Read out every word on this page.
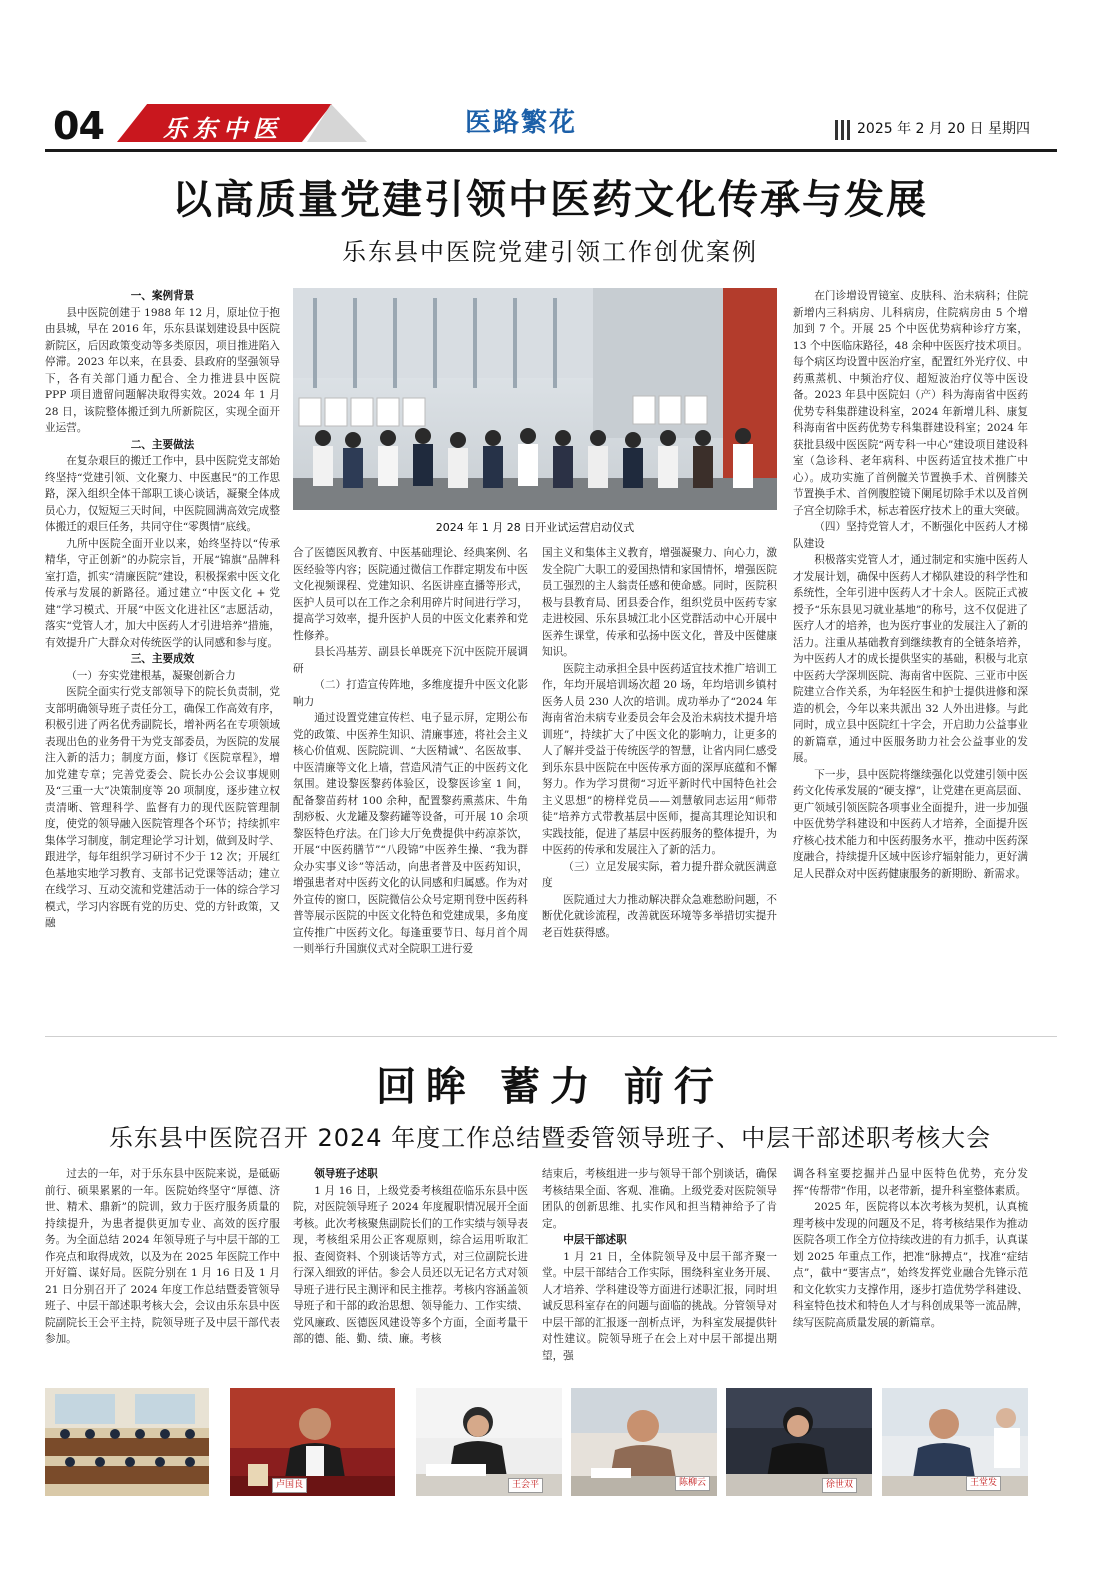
04 乐东中医	医路繁花	2025 年 2 月 20 日 星期四
以高质量党建引领中医药文化传承与发展
乐东县中医院党建引领工作创优案例

一、案例背景

县中医院创建于 1988 年 12 月，原址位于抱由县城，早在 2016 年，乐东县谋划建设县中医院新院区，后因政策变动等多类原因，项目推进陷入停滞。2023 年以来，在县委、县政府的坚强领导下，各有关部门通力配合、全力推进县中医院 PPP 项目遗留问题解决取得实效。2024 年 1 月 28 日，该院整体搬迁到九所新院区，实现全面开业运营。

二、主要做法

在复杂艰巨的搬迁工作中，县中医院党支部始终坚持“党建引领、文化聚力、中医惠民”的工作思路，深入组织全体干部职工谈心谈话，凝聚全体成员心力，仅短短三天时间，中医院圆满高效完成整体搬迁的艰巨任务，共同守住“零舆情”底线。

九所中医院全面开业以来，始终坚持以“传承精华，守正创新”的办院宗旨，开展“锦旗”品牌科室打造，抓实“清廉医院”建设，积极探索中医文化传承与发展的新路径。通过建立“中医文化 + 党建”学习模式、开展“中医文化进社区”志愿活动，落实“党管人才，加大中医药人才引进培养”措施，有效提升广大群众对传统医学的认同感和参与度。

三、主要成效

（一）夯实党建根基，凝聚创新合力

医院全面实行党支部领导下的院长负责制，党支部明确领导班子责任分工，确保工作高效有序，积极引进了两名优秀副院长，增补两名在专项领域表现出色的业务骨干为党支部委员，为医院的发展注入新的活力；制度方面，修订《医院章程》，增加党建专章；完善党委会、院长办公会议事规则及“三重一大”决策制度等 20 项制度，逐步建立权责清晰、管理科学、监督有力的现代医院管理制度，使党的领导融入医院管理各个环节；持续抓牢集体学习制度，制定理论学习计划，做到及时学、跟进学，每年组织学习研讨不少于 12 次；开展红色基地实地学习教育、支部书记党课等活动；建立在线学习、互动交流和党建活动于一体的综合学习模式，学习内容既有党的历史、党的方针政策，又融

2024 年 1 月 28 日开业试运营启动仪式

合了医德医风教育、中医基础理论、经典案例、名医经验等内容；医院通过微信工作群定期发布中医文化视频课程、党建知识、名医讲座直播等形式，医护人员可以在工作之余利用碎片时间进行学习，提高学习效率，提升医护人员的中医文化素养和党性修养。

县长冯基芳、副县长单既亮下沉中医院开展调研

（二）打造宣传阵地，多维度提升中医文化影响力

通过设置党建宣传栏、电子显示屏，定期公布党的政策、中医养生知识、清廉事迹，将社会主义核心价值观、医院院训、“大医精诚”、名医故事、中医清廉等文化上墙，营造风清气正的中医药文化氛围。建设黎医黎药体验区，设黎医诊室 1 间，配备黎苗药材 100 余种，配置黎药熏蒸床、牛角刮痧板、火龙罐及黎药罐等设备，可开展 10 余项黎医特色疗法。在门诊大厅免费提供中药凉茶饮，开展“中医药膳节”“八段锦”中医养生操、“我为群众办实事义诊”等活动，向患者普及中医药知识，增强患者对中医药文化的认同感和归属感。作为对外宣传的窗口，医院微信公众号定期刊登中医药科普等展示医院的中医文化特色和党建成果，多角度宣传推广中医药文化。每逢重要节日、每月首个周一则举行升国旗仪式对全院职工进行爱

国主义和集体主义教育，增强凝聚力、向心力，激发全院广大职工的爱国热情和家国情怀，增强医院员工强烈的主人翁责任感和使命感。同时，医院积极与县教育局、团县委合作，组织党员中医药专家走进校园、乐东县城江北小区党群活动中心开展中医养生课堂，传承和弘扬中医文化，普及中医健康知识。

医院主动承担全县中医药适宜技术推广培训工作，年均开展培训场次超 20 场，年均培训乡镇村医务人员 230 人次的培训。成功举办了“2024 年海南省治未病专业委员会年会及治未病技术提升培训班”，持续扩大了中医文化的影响力，让更多的人了解并受益于传统医学的智慧，让省内同仁感受到乐东县中医院在中医传承方面的深厚底蕴和不懈努力。作为学习贯彻“习近平新时代中国特色社会主义思想”的榜样党员——刘慧敏同志运用“师带徒”培养方式带教基层中医师，提高其理论知识和实践技能，促进了基层中医药服务的整体提升，为中医药的传承和发展注入了新的活力。

（三）立足发展实际，着力提升群众就医满意度

医院通过大力推动解决群众急难愁盼问题，不断优化就诊流程，改善就医环境等多举措切实提升老百姓获得感。

在门诊增设胃镜室、皮肤科、治未病科；住院新增内三科病房、儿科病房，住院病房由 5 个增加到 7 个。开展 25 个中医优势病种诊疗方案，13 个中医临床路径，48 余种中医医疗技术项目。每个病区均设置中医治疗室，配置红外光疗仪、中药熏蒸机、中频治疗仪、超短波治疗仪等中医设备。2023 年县中医院妇（产）科为海南省中医药优势专科集群建设科室，2024 年新增儿科、康复科海南省中医药优势专科集群建设科室；2024 年获批县级中医医院“两专科一中心”建设项目建设科室（急诊科、老年病科、中医药适宜技术推广中心）。成功实施了首例髋关节置换手术、首例膝关节置换手术、首例腹腔镜下阑尾切除手术以及首例子宫全切除手术，标志着医疗技术上的重大突破。

（四）坚持党管人才，不断强化中医药人才梯队建设

积极落实党管人才，通过制定和实施中医药人才发展计划，确保中医药人才梯队建设的科学性和系统性，全年引进中医药人才十余人。医院正式被授予“乐东县见习就业基地”的称号，这不仅促进了医疗人才的培养，也为医疗事业的发展注入了新的活力。注重从基础教育到继续教育的全链条培养，为中医药人才的成长提供坚实的基础，积极与北京中医药大学深圳医院、海南省中医院、三亚市中医院建立合作关系，为年轻医生和护士提供进修和深造的机会，今年以来共派出 32 人外出进修。与此同时，成立县中医院红十字会，开启助力公益事业的新篇章，通过中医服务助力社会公益事业的发展。

下一步，县中医院将继续强化以党建引领中医药文化传承发展的“硬支撑”，让党建在更高层面、更广领域引领医院各项事业全面提升，进一步加强中医优势学科建设和中医药人才培养，全面提升医疗核心技术能力和中医药服务水平，推动中医药深度融合，持续提升区域中医诊疗辐射能力，更好满足人民群众对中医药健康服务的新期盼、新需求。

回眸 蓄力 前行
乐东县中医院召开 2024 年度工作总结暨委管领导班子、中层干部述职考核大会

过去的一年，对于乐东县中医院来说，是砥砺前行、硕果累累的一年。医院始终坚守“厚德、济世、精术、鼎新”的院训，致力于医疗服务质量的持续提升，为患者提供更加专业、高效的医疗服务。为全面总结 2024 年领导班子与中层干部的工作亮点和取得成效，以及为在 2025 年医院工作中开好篇、谋好局。医院分别在 1 月 16 日及 1 月 21 日分别召开了 2024 年度工作总结暨委管领导班子、中层干部述职考核大会，会议由乐东县中医院副院长王会平主持，院领导班子及中层干部代表参加。

领导班子述职

1 月 16 日，上级党委考核组莅临乐东县中医院，对医院领导班子 2024 年度履职情况展开全面考核。此次考核聚焦副院长们的工作实绩与领导表现，考核组采用公正客观原则，综合运用听取汇报、查阅资料、个别谈话等方式，对三位副院长进行深入细致的评估。参会人员还以无记名方式对领导班子进行民主测评和民主推荐。考核内容涵盖领导班子和干部的政治思想、领导能力、工作实绩、党风廉政、医德医风建设等多个方面，全面考量干部的德、能、勤、绩、廉。考核

结束后，考核组进一步与领导干部个别谈话，确保考核结果全面、客观、准确。上级党委对医院领导团队的创新思维、扎实作风和担当精神给予了肯定。

中层干部述职

1 月 21 日，全体院领导及中层干部齐聚一堂。中层干部结合工作实际，围绕科室业务开展、人才培养、学科建设等方面进行述职汇报，同时坦诚反思科室存在的问题与面临的挑战。分管领导对中层干部的汇报逐一剖析点评，为科室发展提供针对性建议。院领导班子在会上对中层干部提出期望，强

调各科室要挖掘并凸显中医特色优势，充分发挥“传帮带”作用，以老带新，提升科室整体素质。

2025 年，医院将以本次考核为契机，认真梳理考核中发现的问题及不足，将考核结果作为推动医院各项工作全方位持续改进的有力抓手，认真谋划 2025 年重点工作，把准“脉搏点”，找准“症结点”，截中“要害点”，始终发挥党业融合先锋示范和文化软实力支撑作用，逐步打造优势学科建设、科室特色技术和特色人才与科创成果等一流品牌，续写医院高质量发展的新篇章。

卢国良	王会平	陈柳云	徐世双	王堂发
